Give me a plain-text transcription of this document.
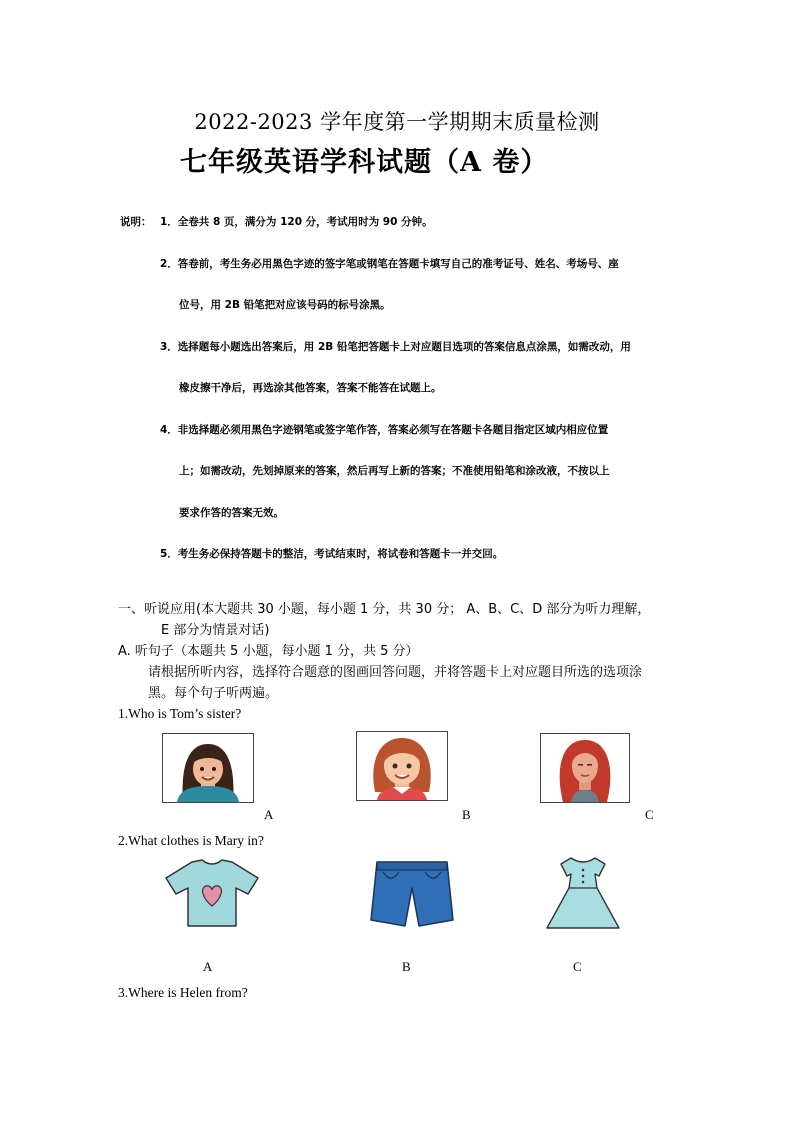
2022-2023 学年度第一学期期末质量检测
七年级英语学科试题（A 卷）
说明： 1．全卷共 8 页，满分为 120 分，考试用时为 90 分钟。
2．答卷前，考生务必用黑色字迹的签字笔或钢笔在答题卡填写自己的准考证号、姓名、考场号、座
位号，用 2B 铅笔把对应该号码的标号涂黑。
3．选择题每小题选出答案后，用 2B 铅笔把答题卡上对应题目选项的答案信息点涂黑，如需改动，用
橡皮擦干净后，再选涂其他答案，答案不能答在试题上。
4．非选择题必须用黑色字迹钢笔或签字笔作答，答案必须写在答题卡各题目指定区域内相应位置
上；如需改动，先划掉原来的答案，然后再写上新的答案；不准使用铅笔和涂改液，不按以上
要求作答的答案无效。
5．考生务必保持答题卡的整洁，考试结束时，将试卷和答题卡一并交回。
一、听说应用(本大题共 30 小题，每小题 1 分，共 30 分； A、B、C、D 部分为听力理解，
E 部分为情景对话)
A. 听句子（本题共 5 小题，每小题 1 分，共 5 分）
请根据所听内容，选择符合题意的图画回答问题，并将答题卡上对应题目所选的选项涂
黑。每个句子听两遍。
1.Who is Tom’s sister?
A	B	C
2.What clothes is Mary in?
A	B	C
3.Where is Helen from?
